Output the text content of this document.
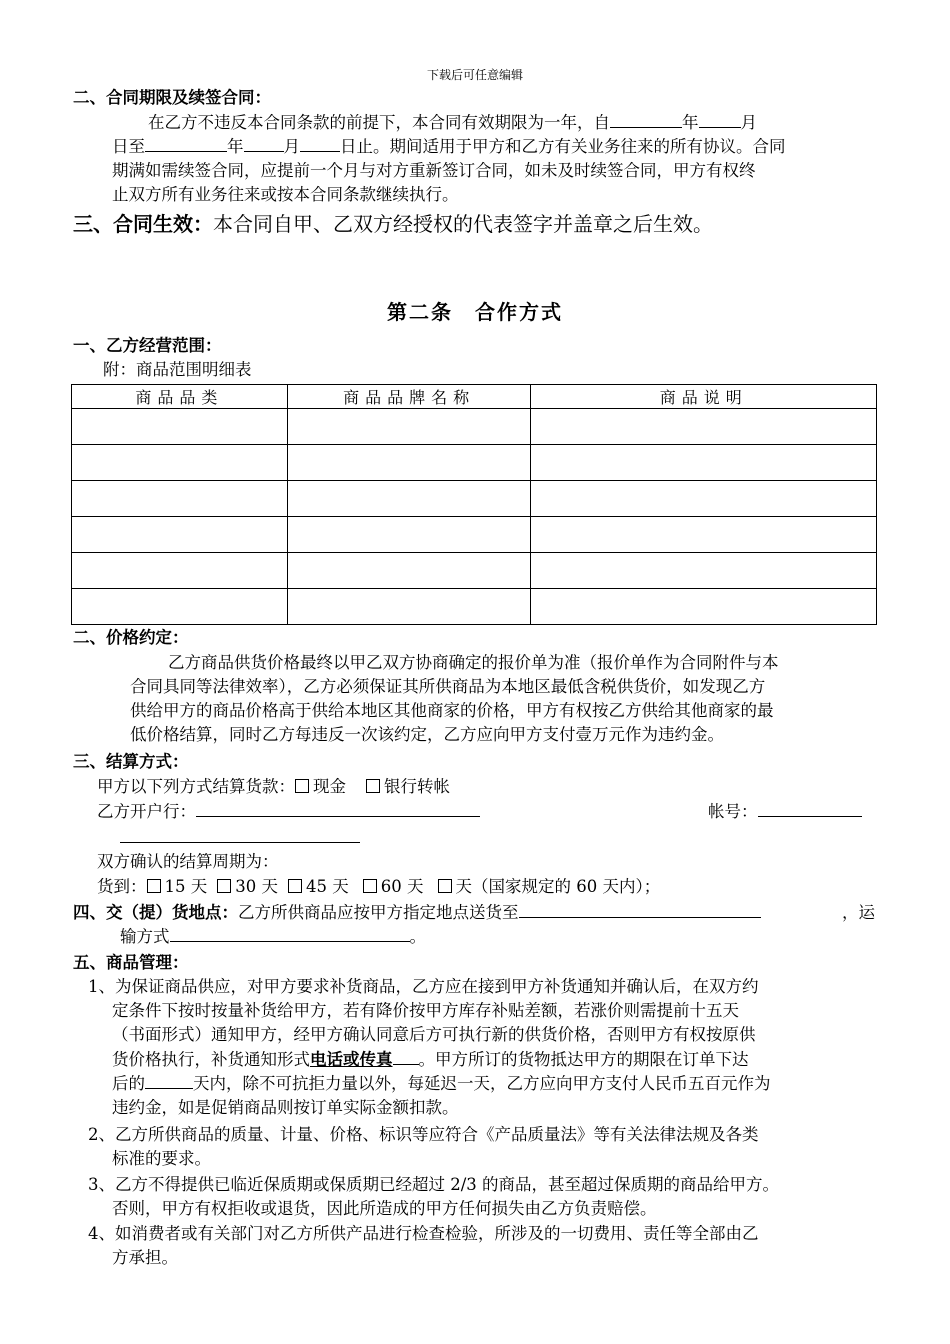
下载后可任意编辑
二、合同期限及续签合同：
在乙方不违反本合同条款的前提下，本合同有效期限为一年，自	年	月
日至	年 月 日止。期间适用于甲方和乙方有关业务往来的所有协议。合同
期满如需续签合同，应提前一个月与对方重新签订合同，如未及时续签合同，甲方有权终
止双方所有业务往来或按本合同条款继续执行。
三、合同生效：本合同自甲、乙双方经授权的代表签字并盖章之后生效。
第二条　合作方式
一、乙方经营范围：
附：商品范围明细表
商品品类	商品品牌名称	商品说明

二、价格约定：
乙方商品供货价格最终以甲乙双方协商确定的报价单为准（报价单作为合同附件与本
合同具同等法律效率），乙方必须保证其所供商品为本地区最低含税供货价，如发现乙方
供给甲方的商品价格高于供给本地区其他商家的价格，甲方有权按乙方供给其他商家的最
低价格结算，同时乙方每违反一次该约定，乙方应向甲方支付壹万元作为违约金。
三、结算方式：
甲方以下列方式结算货款： 现金 银行转帐
乙方开户行：	帐号：
双方确认的结算周期为：
货到： 15 天 30 天 45 天 60 天 天（国家规定的 60 天内）；
四、交（提）货地点：乙方所供商品应按甲方指定地点送货至	，运
输方式	。
五、商品管理：
1、为保证商品供应，对甲方要求补货商品，乙方应在接到甲方补货通知并确认后，在双方约
定条件下按时按量补货给甲方，若有降价按甲方库存补贴差额，若涨价则需提前十五天
（书面形式）通知甲方，经甲方确认同意后方可执行新的供货价格，否则甲方有权按原供
货价格执行，补货通知形式电话或传真 。甲方所订的货物抵达甲方的期限在订单下达
后的	天内，除不可抗拒力量以外，每延迟一天，乙方应向甲方支付人民币五百元作为
违约金，如是促销商品则按订单实际金额扣款。
2、乙方所供商品的质量、计量、价格、标识等应符合《产品质量法》等有关法律法规及各类
标准的要求。
3、乙方不得提供已临近保质期或保质期已经超过 2/3 的商品，甚至超过保质期的商品给甲方。
否则，甲方有权拒收或退货，因此所造成的甲方任何损失由乙方负责赔偿。
4、如消费者或有关部门对乙方所供产品进行检查检验，所涉及的一切费用、责任等全部由乙
方承担。
